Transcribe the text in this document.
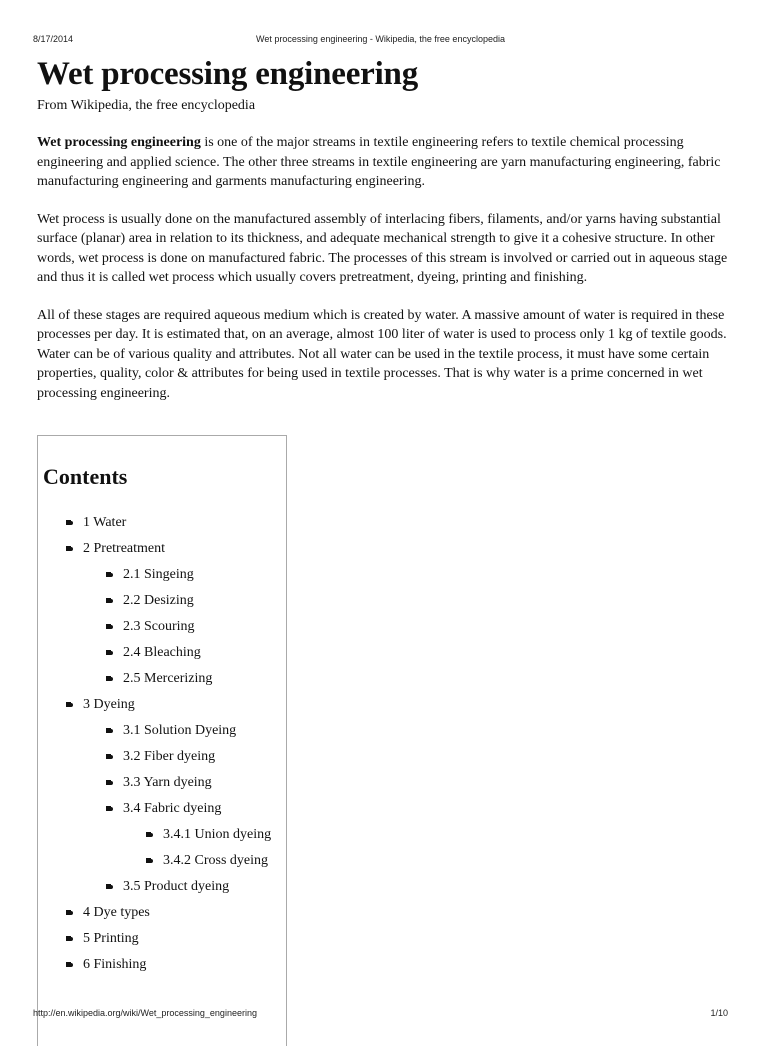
8/17/2014	Wet processing engineering - Wikipedia, the free encyclopedia
Wet processing engineering
From Wikipedia, the free encyclopedia

Wet processing engineering is one of the major streams in textile engineering refers to textile chemical processing engineering and applied science. The other three streams in textile engineering are yarn manufacturing engineering, fabric manufacturing engineering and garments manufacturing engineering.

Wet process is usually done on the manufactured assembly of interlacing fibers, filaments, and/or yarns having substantial surface (planar) area in relation to its thickness, and adequate mechanical strength to give it a cohesive structure. In other words, wet process is done on manufactured fabric. The processes of this stream is involved or carried out in aqueous stage and thus it is called wet process which usually covers pretreatment, dyeing, printing and finishing.

All of these stages are required aqueous medium which is created by water. A massive amount of water is required in these processes per day. It is estimated that, on an average, almost 100 liter of water is used to process only 1 kg of textile goods. Water can be of various quality and attributes. Not all water can be used in the textile process, it must have some certain properties, quality, color & attributes for being used in textile processes. That is why water is a prime concerned in wet processing engineering.

Contents
• 1 Water
• 2 Pretreatment
• 2.1 Singeing
• 2.2 Desizing
• 2.3 Scouring
• 2.4 Bleaching
• 2.5 Mercerizing
• 3 Dyeing
• 3.1 Solution Dyeing
• 3.2 Fiber dyeing
• 3.3 Yarn dyeing
• 3.4 Fabric dyeing
• 3.4.1 Union dyeing
• 3.4.2 Cross dyeing
• 3.5 Product dyeing
• 4 Dye types
• 5 Printing
• 6 Finishing
http://en.wikipedia.org/wiki/Wet_processing_engineering	1/10
